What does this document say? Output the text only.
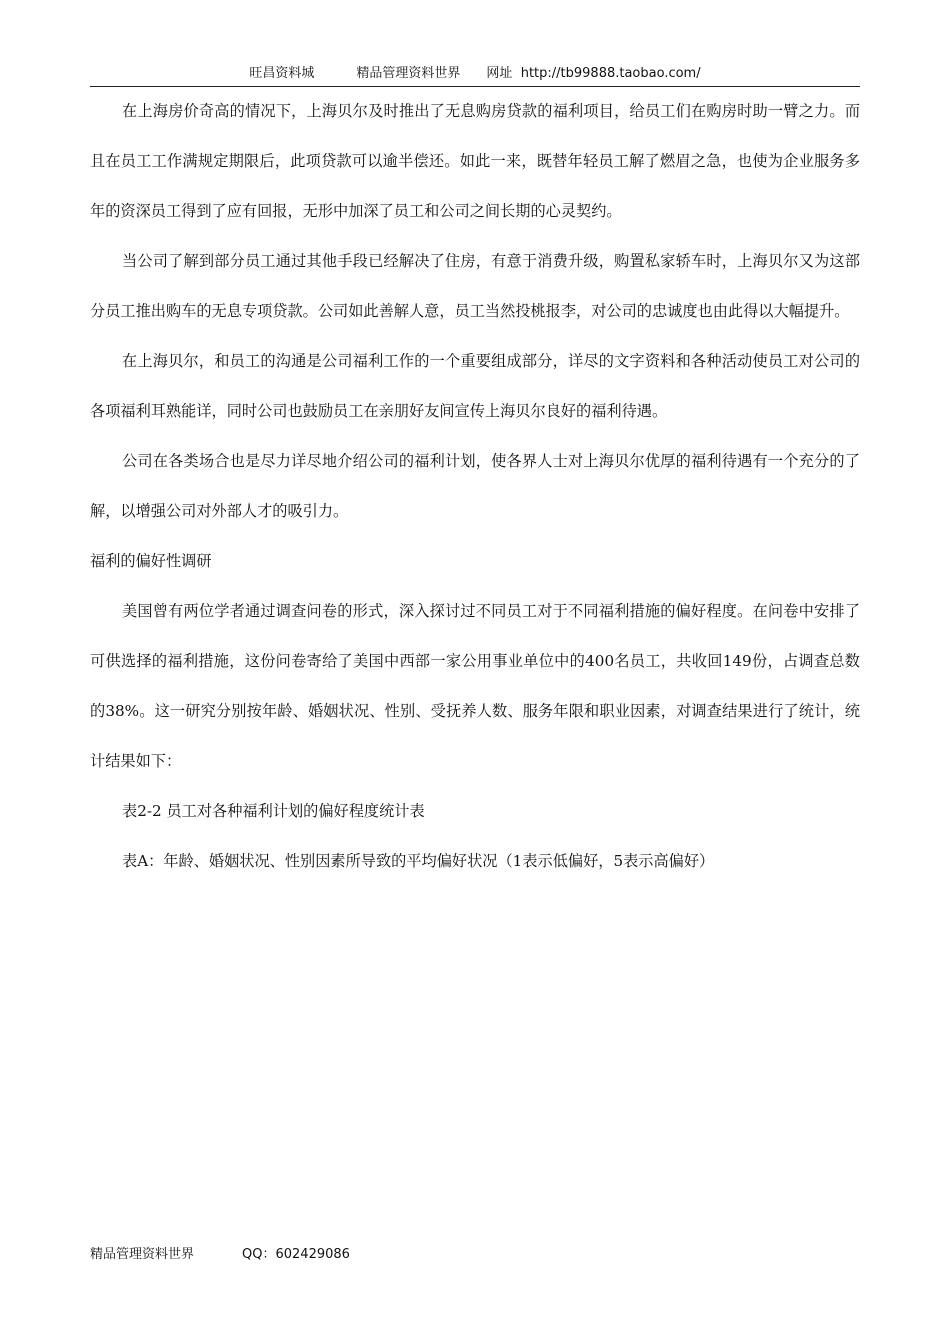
旺昌资料城	精品管理资料世界 网址 http://tb99888.taobao.com/

在上海房价奇高的情况下，上海贝尔及时推出了无息购房贷款的福利项目，给员工们在购房时助一臂之力。而且在员工工作满规定期限后，此项贷款可以逾半偿还。如此一来，既替年轻员工解了燃眉之急，也使为企业服务多年的资深员工得到了应有回报，无形中加深了员工和公司之间长期的心灵契约。

当公司了解到部分员工通过其他手段已经解决了住房，有意于消费升级，购置私家轿车时，上海贝尔又为这部分员工推出购车的无息专项贷款。公司如此善解人意，员工当然投桃报李，对公司的忠诚度也由此得以大幅提升。

在上海贝尔，和员工的沟通是公司福利工作的一个重要组成部分，详尽的文字资料和各种活动使员工对公司的各项福利耳熟能详，同时公司也鼓励员工在亲朋好友间宣传上海贝尔良好的福利待遇。

公司在各类场合也是尽力详尽地介绍公司的福利计划，使各界人士对上海贝尔优厚的福利待遇有一个充分的了解，以增强公司对外部人才的吸引力。

福利的偏好性调研

美国曾有两位学者通过调查问卷的形式，深入探讨过不同员工对于不同福利措施的偏好程度。在问卷中安排了可供选择的福利措施，这份问卷寄给了美国中西部一家公用事业单位中的400名员工，共收回149份，占调查总数的38%。这一研究分别按年龄、婚姻状况、性别、受抚养人数、服务年限和职业因素，对调查结果进行了统计，统计结果如下：

表2-2 员工对各种福利计划的偏好程度统计表

表A：年龄、婚姻状况、性别因素所导致的平均偏好状况（1表示低偏好，5表示高偏好）

精品管理资料世界	QQ：602429086
